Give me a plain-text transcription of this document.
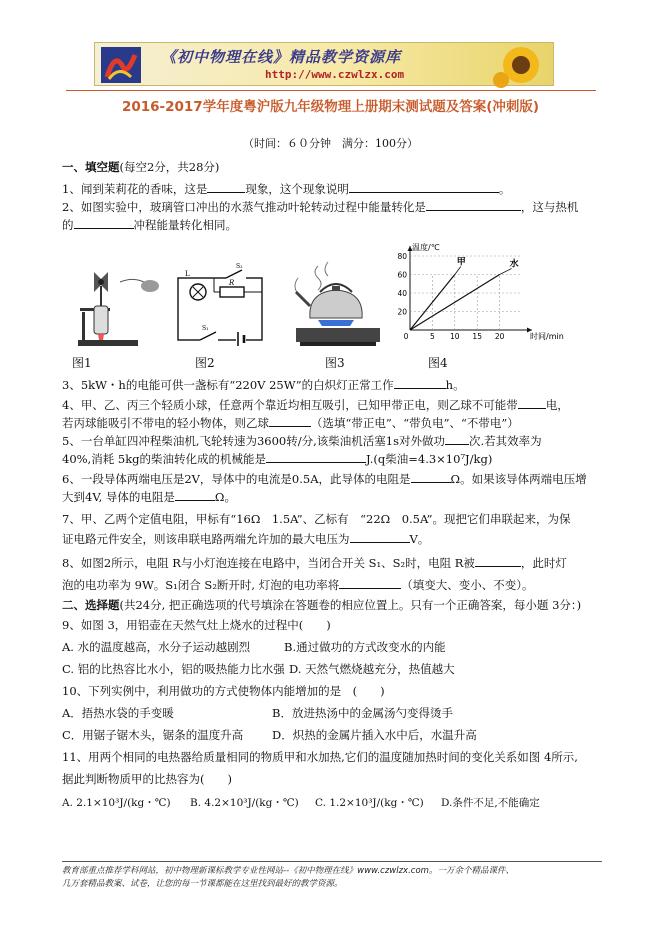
《初中物理在线》精品教学资源库
http://www.czwlzx.com
2016-2017学年度粤沪版九年级物理上册期末测试题及答案(冲刺版)
（时间：６０分钟　满分：100分）
一、填空题(每空2分，共28分)
1、闻到茉莉花的香味，这是	现象，这个现象说明	。
2、如图实验中，玻璃管口冲出的水蒸气推动叶轮转动过程中能量转化是	，这与热机
的	冲程能量转化相同。
L
R
S₂
S₁
20
40
60
80
5 10 15 20
0
温度/℃
时间/min
甲	水
图1	图2	图3	图4
3、5kW・h的电能可供一盏标有“220V 25W”的白炽灯正常工作	h。
4、甲、乙、丙三个轻质小球，任意两个靠近均相互吸引，已知甲带正电，则乙球不可能带 电，
若丙球能吸引不带电的轻小物体，则乙球	（选填“带正电”、“带负电”、“不带电”）
5、一台单缸四冲程柴油机,飞轮转速为3600转/分,该柴油机活塞1s对外做功 次.若其效率为
40%,消耗 5kg的柴油转化成的机械能是	J.(q柴油=4.3×10⁷J/kg)
6、一段导体两端电压是2V，导体中的电流是0.5A，此导体的电阻是	Ω。如果该导体两端电压增
大到4V, 导体的电阻是	Ω。
7、甲、乙两个定值电阻，甲标有“16Ω　1.5A”、乙标有　“22Ω　0.5A”。现把它们串联起来，为保
证电路元件安全，则该串联电路两端允许加的最大电压为	V。
8、如图2所示，电阻 R与小灯泡连接在电路中，当闭合开关 S₁、S₂时，电阻 R被	，此时灯
泡的电功率为 9W。S₁闭合 S₂断开时, 灯泡的电功率将	（填变大、变小、不变）。
二、选择题(共24分, 把正确选项的代号填涂在答题卷的相应位置上。只有一个正确答案，每小题 3分：)
9、如图 3，用铝壶在天然气灶上烧水的过程中(　　)
A. 水的温度越高，水分子运动越剧烈	B.通过做功的方式改变水的内能
C. 铝的比热容比水小，铝的吸热能力比水强 D. 天然气燃烧越充分，热值越大
10、下列实例中，利用做功的方式使物体内能增加的是　(　　)
A．捂热水袋的手变暖	B．放进热汤中的金属汤勺变得烫手
C．用锯子锯木头，锯条的温度升高 D．炽热的金属片插入水中后，水温升高
11、用两个相同的电热器给质量相同的物质甲和水加热,它们的温度随加热时间的变化关系如图 4所示,
据此判断物质甲的比热容为(　　)
A. 2.1×10³J/(kg・℃) B. 4.2×10³J/(kg・℃) C. 1.2×10³J/(kg・℃) D.条件不足,不能确定
教育部重点推荐学科网站，初中物理新课标教学专业性网站--《初中物理在线》www.czwlzx.com。一万余个精品课件、
几万套精品教案、试卷，让您的每一节课都能在这里找到最好的教学资源。
